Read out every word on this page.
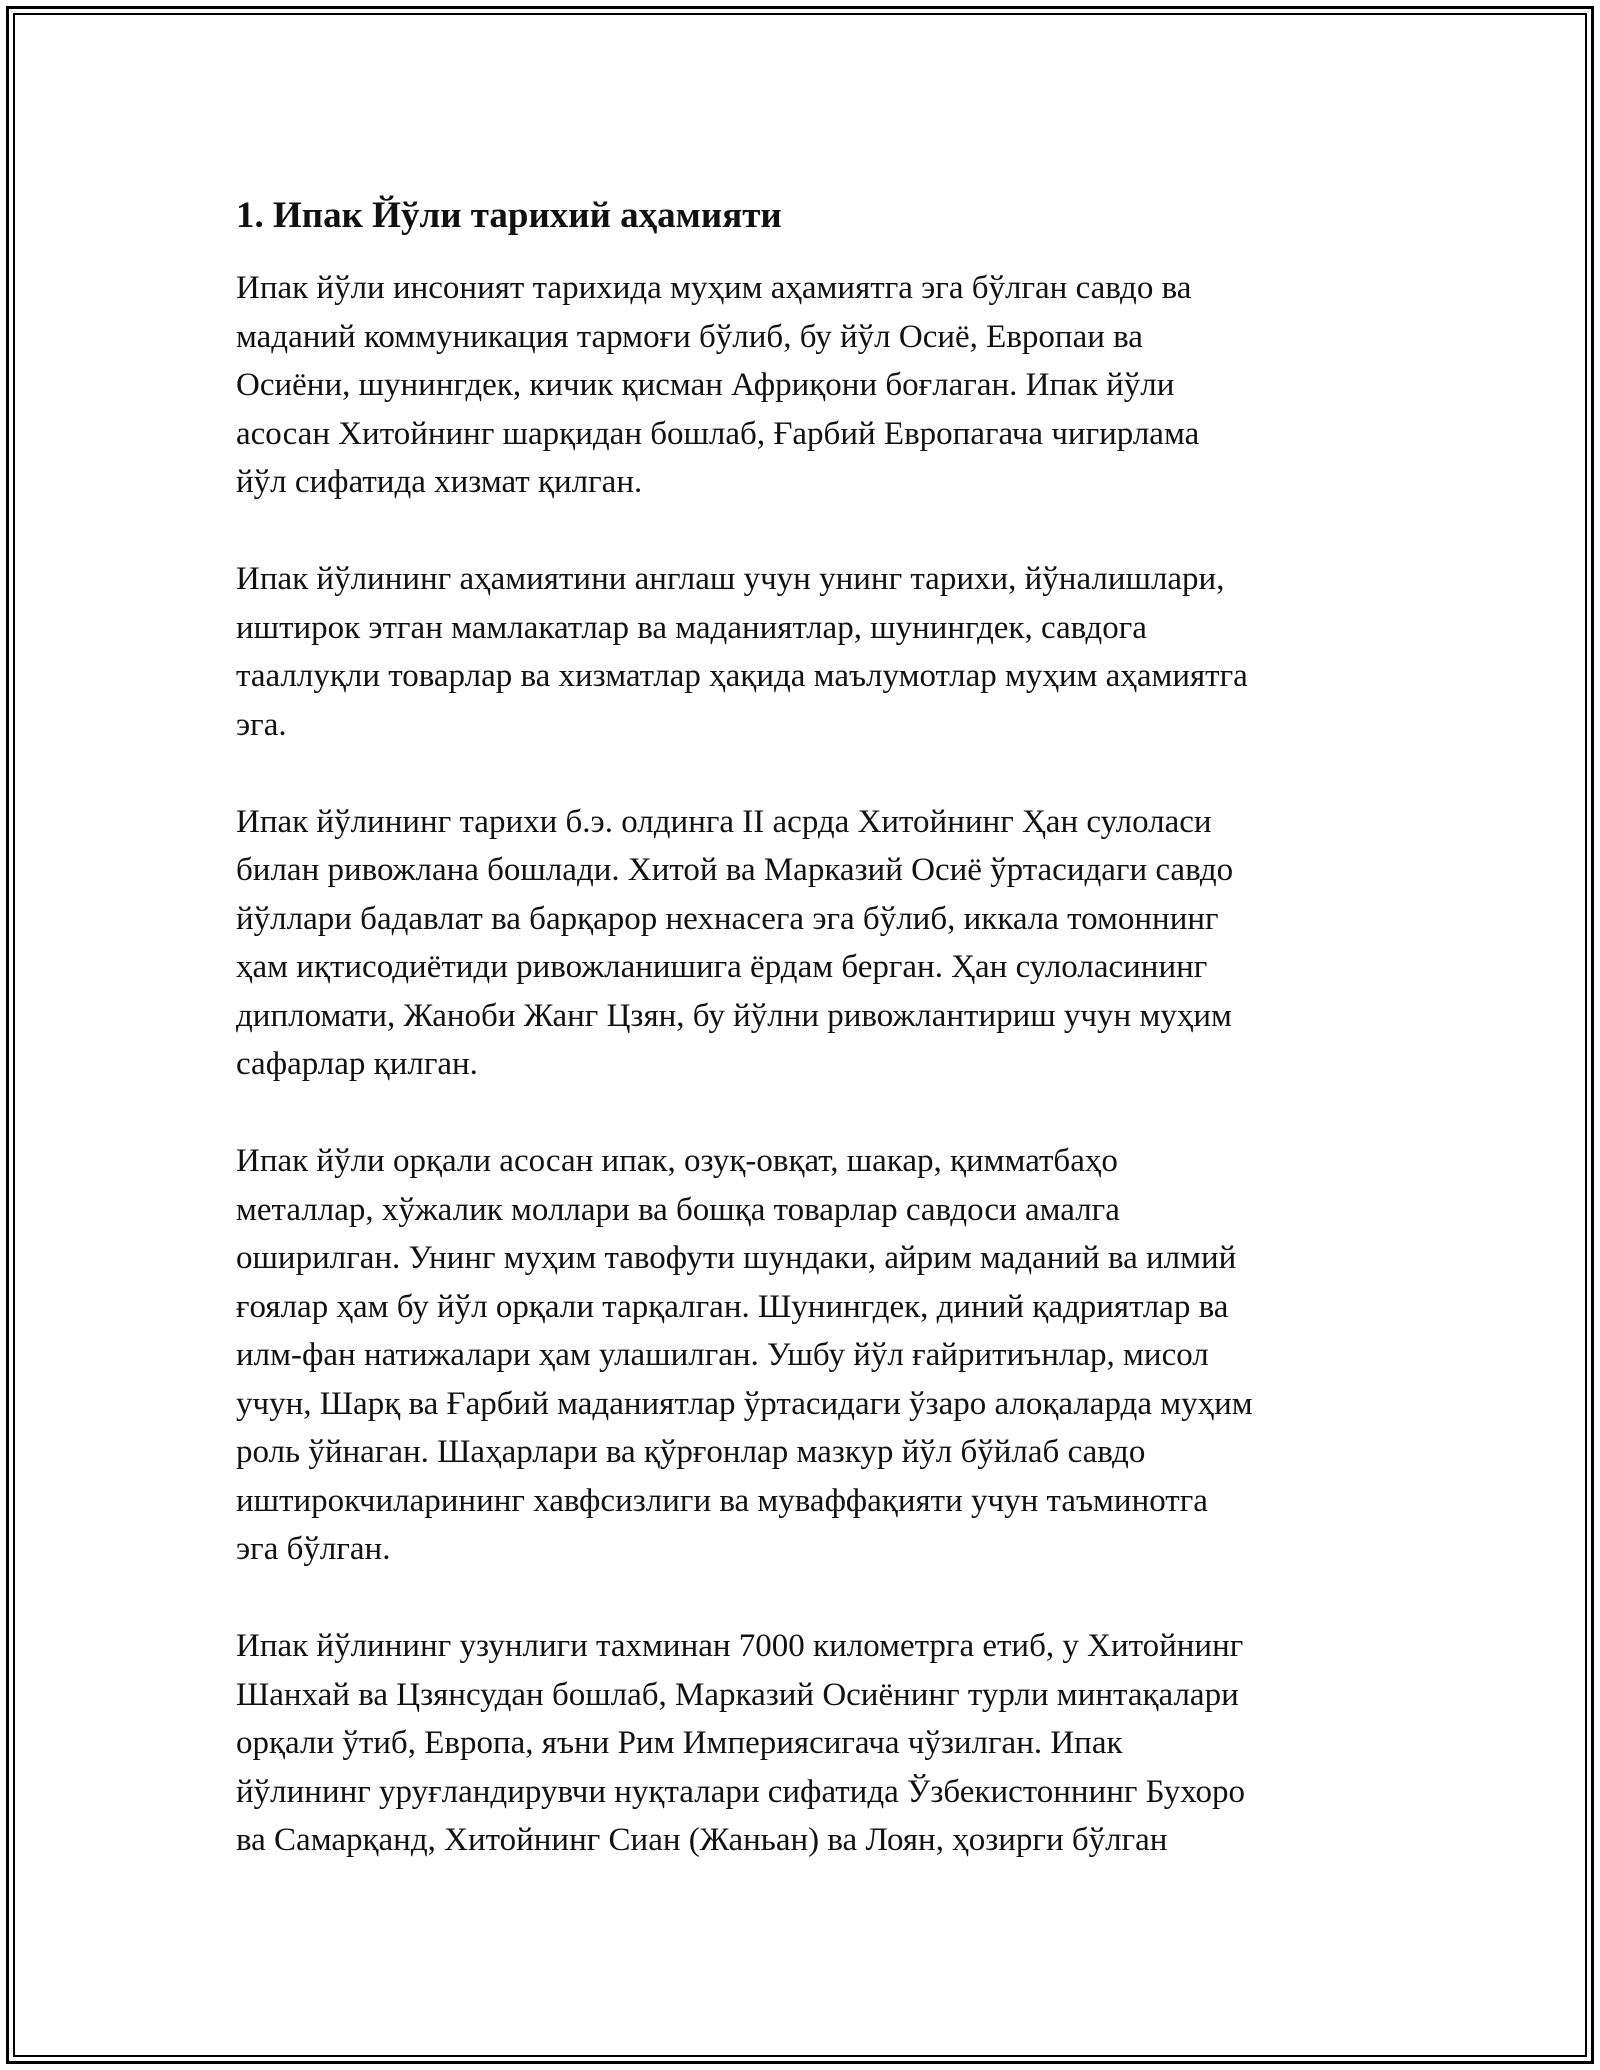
1. Ипак Йўли тарихий аҳамияти
Ипак йўли инсоният тарихида муҳим аҳамиятга эга бўлган савдо ва
маданий коммуникация тармоғи бўлиб, бу йўл Осиё, Европаи ва
Осиёни, шунингдек, кичик қисман Африқони боғлаган. Ипак йўли
асосан Хитойнинг шарқидан бошлаб, Ғарбий Европагача чигирлама
йўл сифатида хизмат қилган.
Ипак йўлининг аҳамиятини англаш учун унинг тарихи, йўналишлари,
иштирок этган мамлакатлар ва маданиятлар, шунингдек, савдога
тааллуқли товарлар ва хизматлар ҳақида маълумотлар муҳим аҳамиятга
эга.
Ипак йўлининг тарихи б.э. олдинга II асрда Хитойнинг Ҳан сулоласи
билан ривожлана бошлади. Хитой ва Марказий Осиё ўртасидаги савдо
йўллари бадавлат ва барқарор нехнасега эга бўлиб, иккала томоннинг
ҳам иқтисодиётиди ривожланишига ёрдам берган. Ҳан сулоласининг
дипломати, Жаноби Жанг Цзян, бу йўлни ривожлантириш учун муҳим
сафарлар қилган.
Ипак йўли орқали асосан ипак, озуқ-овқат, шакар, қимматбаҳо
металлар, хўжалик моллари ва бошқа товарлар савдоси амалга
оширилган. Унинг муҳим тавофути шундаки, айрим маданий ва илмий
ғоялар ҳам бу йўл орқали тарқалган. Шунингдек, диний қадриятлар ва
илм-фан натижалари ҳам улашилган. Ушбу йўл ғайритиънлар, мисол
учун, Шарқ ва Ғарбий маданиятлар ўртасидаги ўзаро алоқаларда муҳим
роль ўйнаган. Шаҳарлари ва қўрғонлар мазкур йўл бўйлаб савдо
иштирокчиларининг хавфсизлиги ва муваффақияти учун таъминотга
эга бўлган.
Ипак йўлининг узунлиги тахминан 7000 километрга етиб, у Хитойнинг
Шанхай ва Цзянсудан бошлаб, Марказий Осиёнинг турли минтақалари
орқали ўтиб, Европа, яъни Рим Империясигача чўзилган. Ипак
йўлининг уруғландирувчи нуқталари сифатида Ўзбекистоннинг Бухоро
ва Самарқанд, Хитойнинг Сиан (Жаньан) ва Лоян, ҳозирги бўлган
